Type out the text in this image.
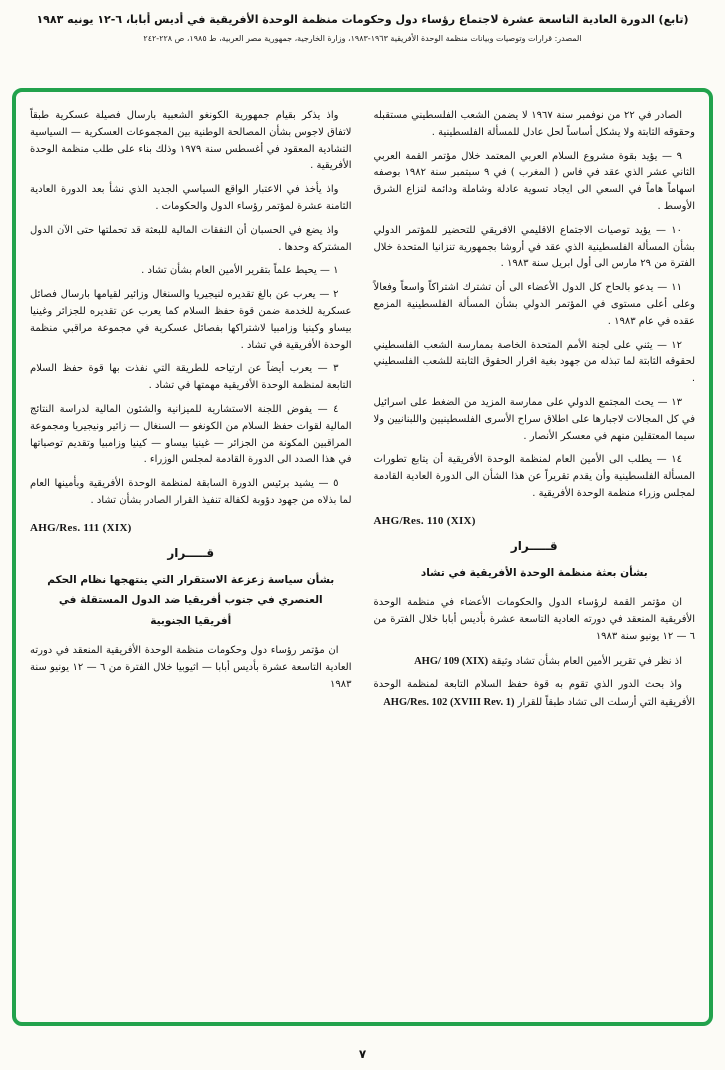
(تابع) الدورة العادية التاسعة عشرة لاجتماع رؤساء دول وحكومات منظمة الوحدة الأفريقية في أديس أبابا، ٦-١٢ يونيه ١٩٨٣
المصدر: قرارات وتوصيات وبيانات منظمة الوحدة الأفريقية ١٩٦٣-١٩٨٣، وزارة الخارجية، جمهورية مصر العربية، ط ١٩٨٥، ص ٢٢٨-٢٤٢

الصادر في ٢٢ من نوفمبر سنة ١٩٦٧ لا يضمن الشعب الفلسطيني مستقبله وحقوقه الثابتة ولا يشكل أساساً لحل عادل للمسألة الفلسطينية .

٩ — يؤيد بقوة مشروع السلام العربي المعتمد خلال مؤتمر القمة العربي الثاني عشر الذي عقد في فاس ( المغرب ) في ٩ سبتمبر سنة ١٩٨٢ بوصفه اسهاماً هاماً في السعي الى ايجاد تسوية عادلة وشاملة ودائمة لنزاع الشرق الأوسط .

١٠ — يؤيد توصيات الاجتماع الاقليمي الافريقي للتحضير للمؤتمر الدولي بشأن المسألة الفلسطينية الذي عقد في أروشا بجمهورية تنزانيا المتحدة خلال الفترة من ٢٩ مارس الى أول ابريل سنة ١٩٨٣ .

١١ — يدعو بالحاح كل الدول الأعضاء الى أن تشترك اشتراكاً واسعاً وفعالاً وعلى أعلى مستوى في المؤتمر الدولي بشأن المسألة الفلسطينية المزمع عقده في عام ١٩٨٣ .

١٢ — يثني على لجنة الأمم المتحدة الخاصة بممارسة الشعب الفلسطيني لحقوقه الثابتة لما تبذله من جهود بغية اقرار الحقوق الثابتة للشعب الفلسطيني .

١٣ — يحث المجتمع الدولي على ممارسة المزيد من الضغط على اسرائيل في كل المجالات لاجبارها على اطلاق سراح الأسرى الفلسطينيين واللبنانيين ولا سيما المعتقلين منهم في معسكر الأنصار .

١٤ — يطلب الى الأمين العام لمنظمة الوحدة الأفريقية أن يتابع تطورات المسألة الفلسطينية وأن يقدم تقريراً عن هذا الشأن الى الدورة العادية القادمة لمجلس وزراء منظمة الوحدة الأفريقية .

AHG/Res. 110 (XIX)

قـــــرار
بشأن بعثة منظمة الوحدة الأفريقية في تشاد

ان مؤتمر القمة لرؤساء الدول والحكومات الأعضاء في منظمة الوحدة الأفريقية المنعقد في دورته العادية التاسعة عشرة بأديس أبابا خلال الفترة من ٦ — ١٢ يونيو سنة ١٩٨٣

اذ نظر في تقرير الأمين العام بشأن تشاد وثيقة AHG/ 109 (XIX)

واذ بحث الدور الذي تقوم به قوة حفظ السلام التابعة لمنظمة الوحدة الأفريقية التي أرسلت الى تشاد طبقاً للقرار AHG/Res. 102 (XVIII Rev. 1)

واذ يذكر بقيام جمهورية الكونغو الشعبية بارسال فصيلة عسكرية طبقاً لاتفاق لاجوس بشأن المصالحة الوطنية بين المجموعات العسكرية — السياسية التشادية المعقود في أغسطس سنة ١٩٧٩ وذلك بناء على طلب منظمة الوحدة الأفريقية .

واذ يأخذ في الاعتبار الواقع السياسي الجديد الذي نشأ بعد الدورة العادية الثامنة عشرة لمؤتمر رؤساء الدول والحكومات .

واذ يضع في الحسبان أن النفقات المالية للبعثة قد تحملتها حتى الآن الدول المشتركة وحدها .

١ — يحيط علماً بتقرير الأمين العام بشأن تشاد .

٢ — يعرب عن بالغ تقديره لنيجيريا والسنغال وزائير لقيامها بارسال فصائل عسكرية للخدمة ضمن قوة حفظ السلام كما يعرب عن تقديره للجزائر وغينيا بيساو وكينيا وزامبيا لاشتراكها بفصائل عسكرية في مجموعة مراقبي منظمة الوحدة الأفريقية في تشاد .

٣ — يعرب أيضاً عن ارتياحه للطريقة التي نفذت بها قوة حفظ السلام التابعة لمنظمة الوحدة الأفريقية مهمتها في تشاد .

٤ — يفوض اللجنة الاستشارية للميزانية والشئون المالية لدراسة النتائج المالية لقوات حفظ السلام من الكونغو — السنغال — زائير ونيجيريا ومجموعة المراقبين المكونة من الجزائر — غينيا بيساو — كينيا وزامبيا وتقديم توصياتها في هذا الصدد الى الدورة القادمة لمجلس الوزراء .

٥ — يشيد برئيس الدورة السابقة لمنظمة الوحدة الأفريقية وبأمينها العام لما بذلاه من جهود دؤوبة لكفالة تنفيذ القرار الصادر بشأن تشاد .

AHG/Res. 111 (XIX)

قـــــرار
بشأن سياسة زعزعة الاستقرار التي ينتهجها نظام الحكم العنصري في جنوب أفريقيا ضد الدول المستقلة في أفريقيا الجنوبية

ان مؤتمر رؤساء دول وحكومات منظمة الوحدة الأفريقية المنعقد في دورته العادية التاسعة عشرة بأديس أبابا — اثيوبيا خلال الفترة من ٦ — ١٢ يونيو سنة ١٩٨٣

٧
